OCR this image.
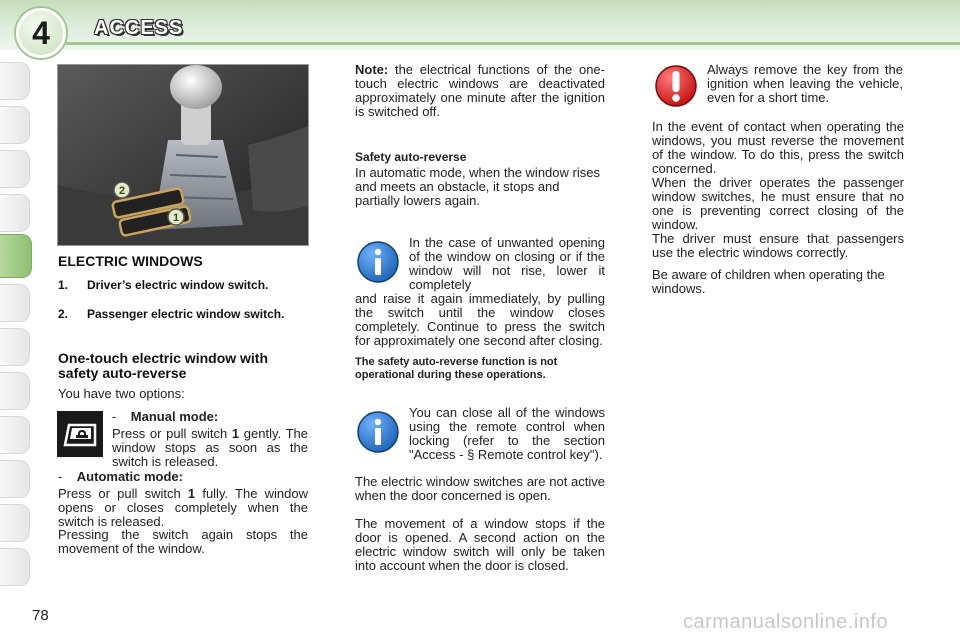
4	ACCESS
2
1
ELECTRIC WINDOWS
1. Driver’s electric window switch.
2. Passenger electric window switch.
One-touch electric window with safety auto-reverse
You have two options:
- Manual mode:
Press or pull switch 1 gently. The window stops as soon as the switch is released.
- Automatic mode:
Press or pull switch 1 fully. The window opens or closes completely when the switch is released.
Pressing the switch again stops the movement of the window.
Note: the electrical functions of the one-touch electric windows are deactivated approximately one minute after the ignition is switched off.
Safety auto-reverse
In automatic mode, when the window rises and meets an obstacle, it stops and partially lowers again.
In the case of unwanted opening of the window on closing or if the window will not rise, lower it completely
and raise it again immediately, by pulling the switch until the window closes completely. Continue to press the switch for approximately one second after closing.
The safety auto-reverse function is not operational during these operations.
You can close all of the windows using the remote control when locking (refer to the section "Access - § Remote control key").
The electric window switches are not active when the door concerned is open.
The movement of a window stops if the door is opened. A second action on the electric window switch will only be taken into account when the door is closed.
Always remove the key from the ignition when leaving the vehicle, even for a short time.
In the event of contact when operating the windows, you must reverse the movement of the window. To do this, press the switch concerned.
When the driver operates the passenger window switches, he must ensure that no one is preventing correct closing of the window.
The driver must ensure that passengers use the electric windows correctly.
Be aware of children when operating the windows.
78	carmanualsonline.info
